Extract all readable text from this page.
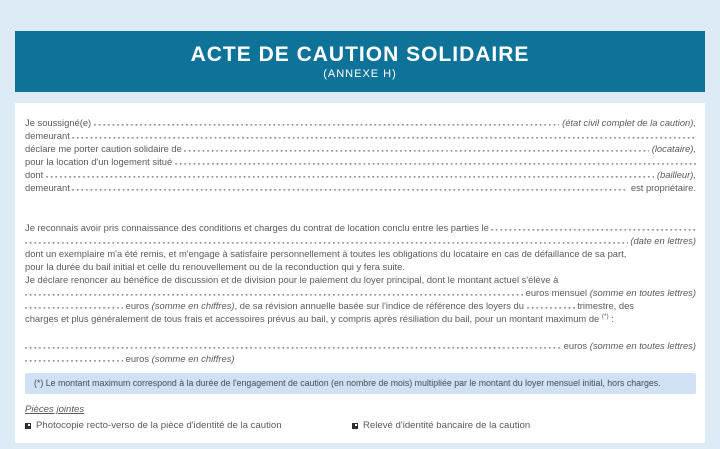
ACTE DE CAUTION SOLIDAIRE
(ANNEXE H)
Je soussigné(e)	(état civil complet de la caution),
demeurant
déclare me porter caution solidaire de	(locataire),
pour la location d'un logement situé
dont	(bailleur),
demeurant	est propriétaire.
Je reconnais avoir pris connaissance des conditions et charges du contrat de location conclu entre les parties le
(date en lettres)
dont un exemplaire m'a été remis, et m'engage à satisfaire personnellement à toutes les obligations du locataire en cas de défaillance de sa part,
pour la durée du bail initial et celle du renouvellement ou de la reconduction qui y fera suite.
Je déclare renoncer au bénéfice de discussion et de division pour le paiement du loyer principal, dont le montant actuel s'élève à
euros mensuel (somme en toutes lettres)
euros (somme en chiffres) , de sa révision annuelle basée sur l'indice de référence des loyers du	trimestre, des
charges et plus généralement de tous frais et accessoires prévus au bail, y compris après résiliation du bail, pour un montant maximum de (*) :
euros (somme en toutes lettres)
euros (somme en chiffres)
(*) Le montant maximum correspond à la durée de l'engagement de caution (en nombre de mois) multipliée par le montant du loyer mensuel initial, hors charges.
Pièces jointes
Photocopie recto-verso de la pièce d'identité de la caution	Relevé d'identité bancaire de la caution
